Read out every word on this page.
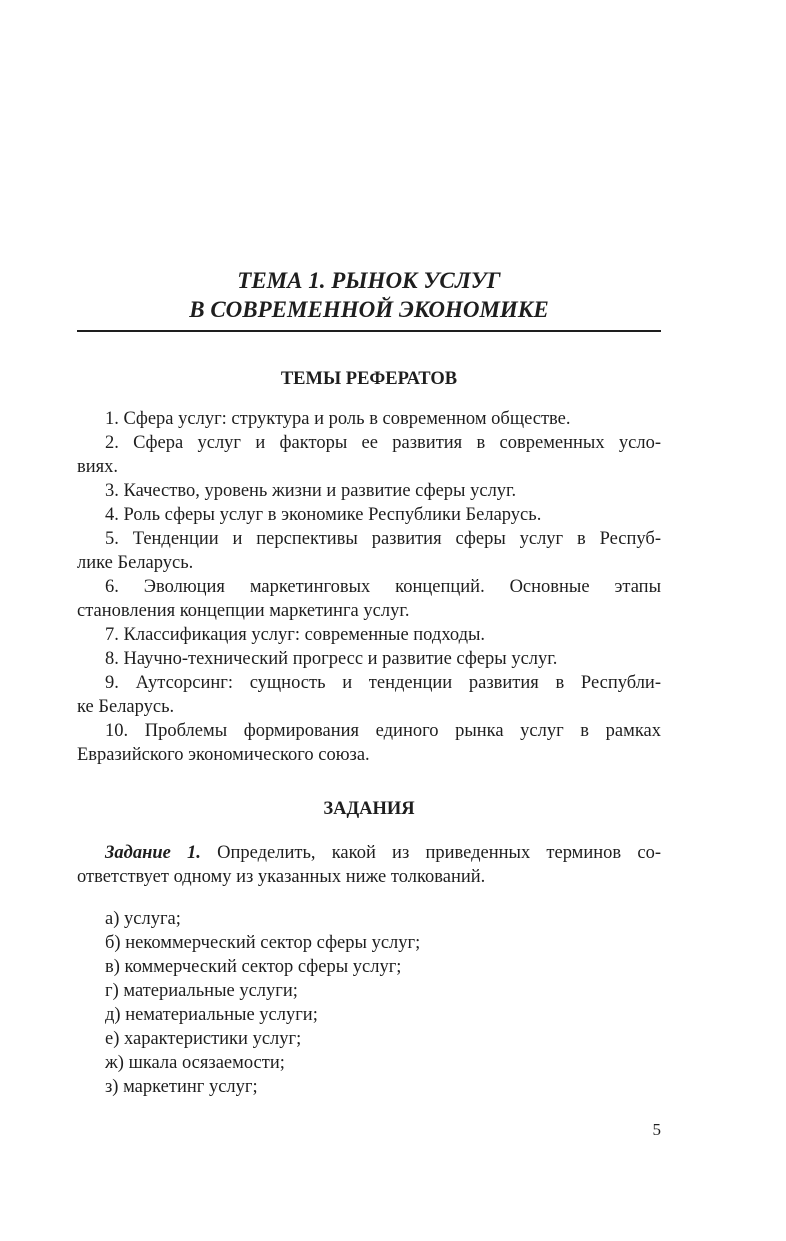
ТЕМА 1. РЫНОК УСЛУГ
В СОВРЕМЕННОЙ ЭКОНОМИКЕ
ТЕМЫ РЕФЕРАТОВ

1. Сфера услуг: структура и роль в современном обществе.

2. Сфера услуг и факторы ее развития в современных усло-
виях.

3. Качество, уровень жизни и развитие сферы услуг.

4. Роль сферы услуг в экономике Республики Беларусь.

5. Тенденции и перспективы развития сферы услуг в Респуб-
лике Беларусь.

6. Эволюция маркетинговых концепций. Основные этапы
становления концепции маркетинга услуг.

7. Классификация услуг: современные подходы.

8. Научно-технический прогресс и развитие сферы услуг.

9. Аутсорсинг: сущность и тенденции развития в Республи-
ке Беларусь.

10. Проблемы формирования единого рынка услуг в рамках
Евразийского экономического союза.

ЗАДАНИЯ
Задание 1. Определить, какой из приведенных терминов со-
ответствует одному из указанных ниже толкований.
а) услуга;
б) некоммерческий сектор сферы услуг;
в) коммерческий сектор сферы услуг;
г) материальные услуги;
д) нематериальные услуги;
е) характеристики услуг;
ж) шкала осязаемости;
з) маркетинг услуг;
5
